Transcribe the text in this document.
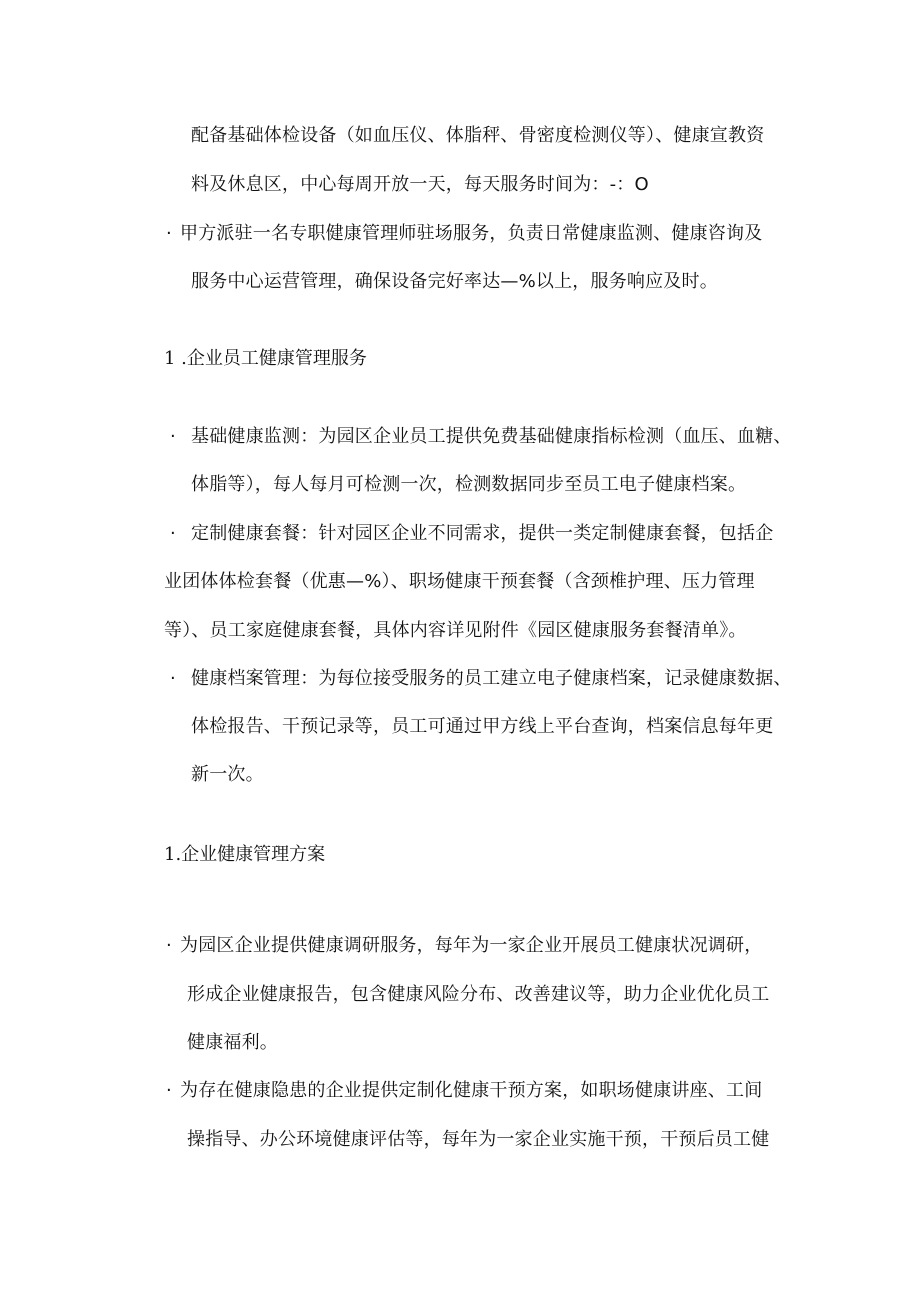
配备基础体检设备（如血压仪、体脂秤、骨密度检测仪等）、健康宣教资
料及休息区，中心每周开放一天，每天服务时间为：-：O
· 甲方派驻一名专职健康管理师驻场服务，负责日常健康监测、健康咨询及
服务中心运营管理，确保设备完好率达—%以上，服务响应及时。
1 .企业员工健康管理服务
· 基础健康监测：为园区企业员工提供免费基础健康指标检测（血压、血糖、
体脂等），每人每月可检测一次，检测数据同步至员工电子健康档案。
· 定制健康套餐：针对园区企业不同需求，提供一类定制健康套餐，包括企
业团体体检套餐（优惠—%）、职场健康干预套餐（含颈椎护理、压力管理
等）、员工家庭健康套餐，具体内容详见附件《园区健康服务套餐清单》。
· 健康档案管理：为每位接受服务的员工建立电子健康档案，记录健康数据、
体检报告、干预记录等，员工可通过甲方线上平台查询，档案信息每年更
新一次。
1.企业健康管理方案
· 为园区企业提供健康调研服务，每年为一家企业开展员工健康状况调研，
形成企业健康报告，包含健康风险分布、改善建议等，助力企业优化员工
健康福利。
· 为存在健康隐患的企业提供定制化健康干预方案，如职场健康讲座、工间
操指导、办公环境健康评估等，每年为一家企业实施干预，干预后员工健
